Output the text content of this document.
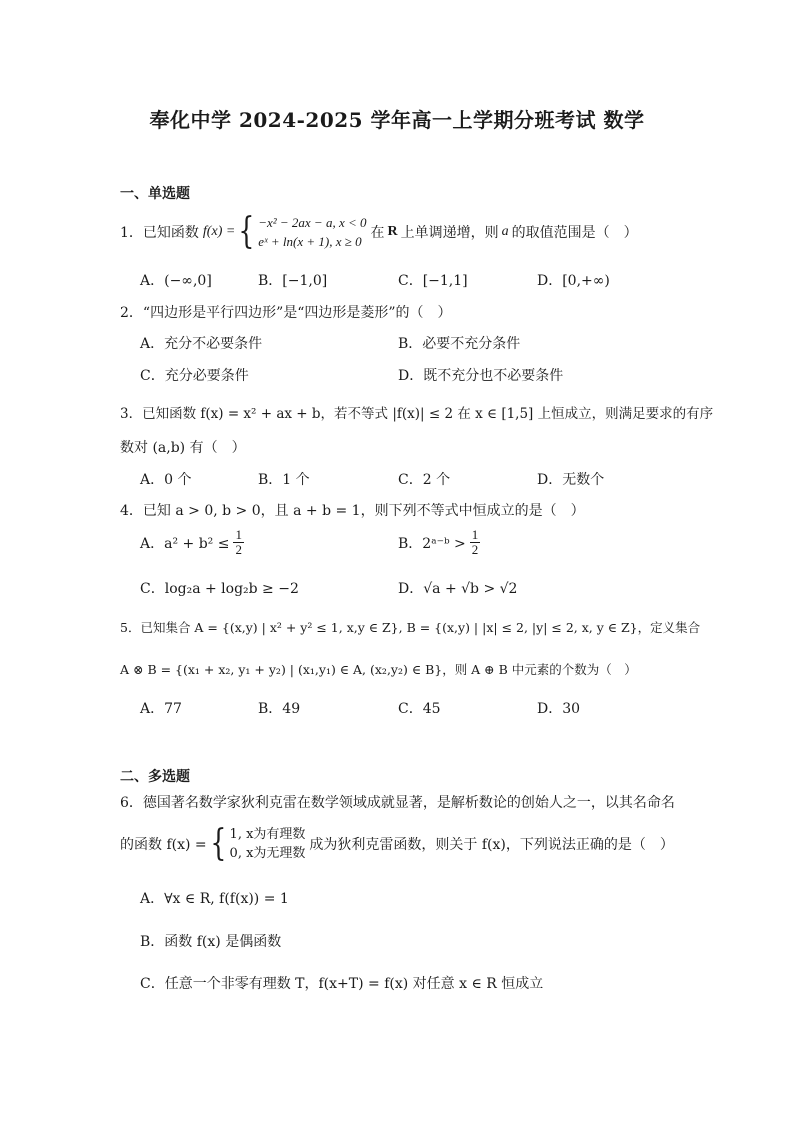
奉化中学 2024-2025 学年高一上学期分班考试 数学
一、单选题
1．已知函数 f(x) = { −x² − 2ax − a, x < 0
eˣ + ln(x + 1), x ≥ 0
在 R 上单调递增，则 a 的取值范围是（　）
A．(−∞,0]	B．[−1,0]	C．[−1,1]	D．[0,+∞)
2．“四边形是平行四边形”是“四边形是菱形”的（　）
A．充分不必要条件	B．必要不充分条件
C．充分必要条件	D．既不充分也不必要条件
3．已知函数 f(x) = x² + ax + b，若不等式 |f(x)| ≤ 2 在 x ∈ [1,5] 上恒成立，则满足要求的有序
数对 (a,b) 有（　）
A．0 个	B．1 个	C．2 个	D．无数个
4．已知 a > 0, b > 0，且 a + b = 1，则下列不等式中恒成立的是（　）
A．$a^2 + b^2 \le \frac{1}{2}$	B．2ᵃ⁻ᵇ > $\frac{1}{2}$
C．log₂a + log₂b ≥ −2	D．√a + √b > √2
5．已知集合 A = {(x,y) | x² + y² ≤ 1, x,y ∈ Z}, B = {(x,y) | |x| ≤ 2, |y| ≤ 2, x, y ∈ Z}，定义集合
A ⊗ B = {(x₁ + x₂, y₁ + y₂) | (x₁,y₁) ∈ A, (x₂,y₂) ∈ B}，则 A ⊕ B 中元素的个数为（　）
A．77	B．49	C．45	D．30
二、多选题
6．德国著名数学家狄利克雷在数学领域成就显著，是解析数论的创始人之一，以其名命名
的函数 f(x) = { 1, x为有理数
0, x为无理数
成为狄利克雷函数，则关于 f(x)，下列说法正确的是（　）
A．∀x ∈ R, f(f(x)) = 1
B．函数 f(x) 是偶函数
C．任意一个非零有理数 T，f(x+T) = f(x) 对任意 x ∈ R 恒成立
